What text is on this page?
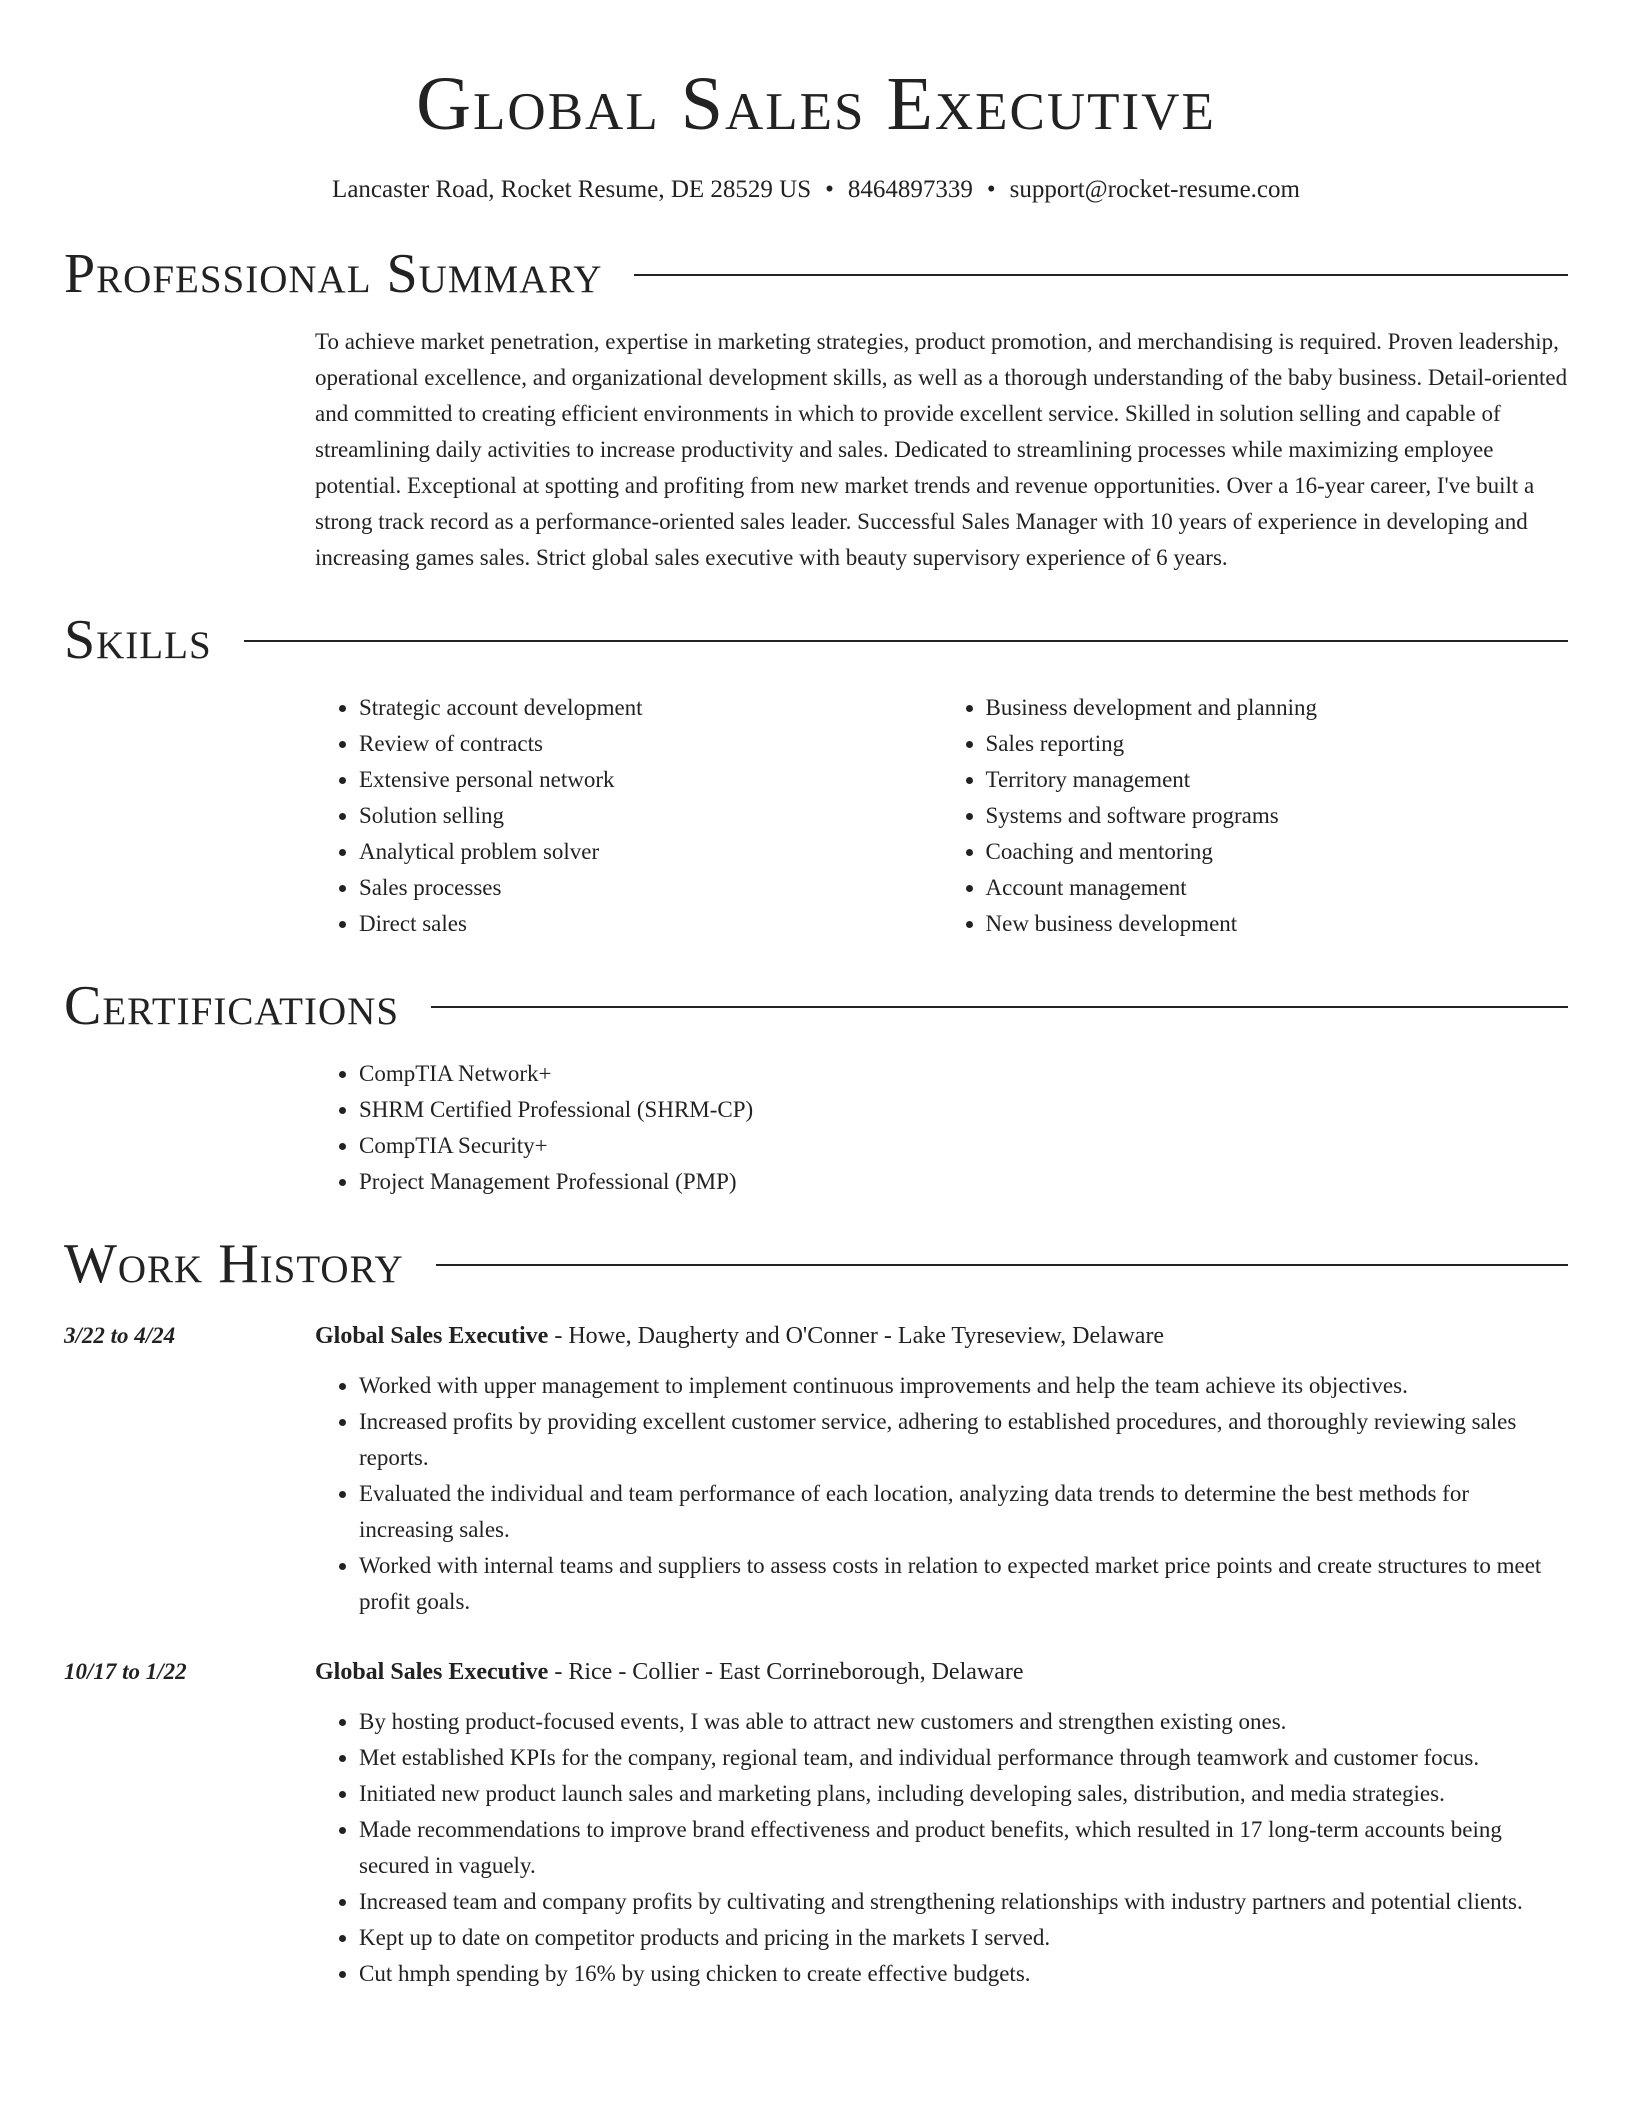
Global Sales Executive
Lancaster Road, Rocket Resume, DE 28529 US • 8464897339 • support@rocket-resume.com
Professional Summary
To achieve market penetration, expertise in marketing strategies, product promotion, and merchandising is required. Proven leadership, operational excellence, and organizational development skills, as well as a thorough understanding of the baby business. Detail-oriented and committed to creating efficient environments in which to provide excellent service. Skilled in solution selling and capable of streamlining daily activities to increase productivity and sales. Dedicated to streamlining processes while maximizing employee potential. Exceptional at spotting and profiting from new market trends and revenue opportunities. Over a 16-year career, I've built a strong track record as a performance-oriented sales leader. Successful Sales Manager with 10 years of experience in developing and increasing games sales. Strict global sales executive with beauty supervisory experience of 6 years.
Skills
• Strategic account development
• Review of contracts
• Extensive personal network
• Solution selling
• Analytical problem solver
• Sales processes
• Direct sales
• Business development and planning
• Sales reporting
• Territory management
• Systems and software programs
• Coaching and mentoring
• Account management
• New business development
Certifications
• CompTIA Network+
• SHRM Certified Professional (SHRM-CP)
• CompTIA Security+
• Project Management Professional (PMP)
Work History
3/22 to 4/24	Global Sales Executive - Howe, Daugherty and O'Conner - Lake Tyreseview, Delaware
• Worked with upper management to implement continuous improvements and help the team achieve its objectives.
• Increased profits by providing excellent customer service, adhering to established procedures, and thoroughly reviewing sales reports.
• Evaluated the individual and team performance of each location, analyzing data trends to determine the best methods for increasing sales.
• Worked with internal teams and suppliers to assess costs in relation to expected market price points and create structures to meet profit goals.
10/17 to 1/22	Global Sales Executive - Rice - Collier - East Corrineborough, Delaware
• By hosting product-focused events, I was able to attract new customers and strengthen existing ones.
• Met established KPIs for the company, regional team, and individual performance through teamwork and customer focus.
• Initiated new product launch sales and marketing plans, including developing sales, distribution, and media strategies.
• Made recommendations to improve brand effectiveness and product benefits, which resulted in 17 long-term accounts being secured in vaguely.
• Increased team and company profits by cultivating and strengthening relationships with industry partners and potential clients.
• Kept up to date on competitor products and pricing in the markets I served.
• Cut hmph spending by 16% by using chicken to create effective budgets.
